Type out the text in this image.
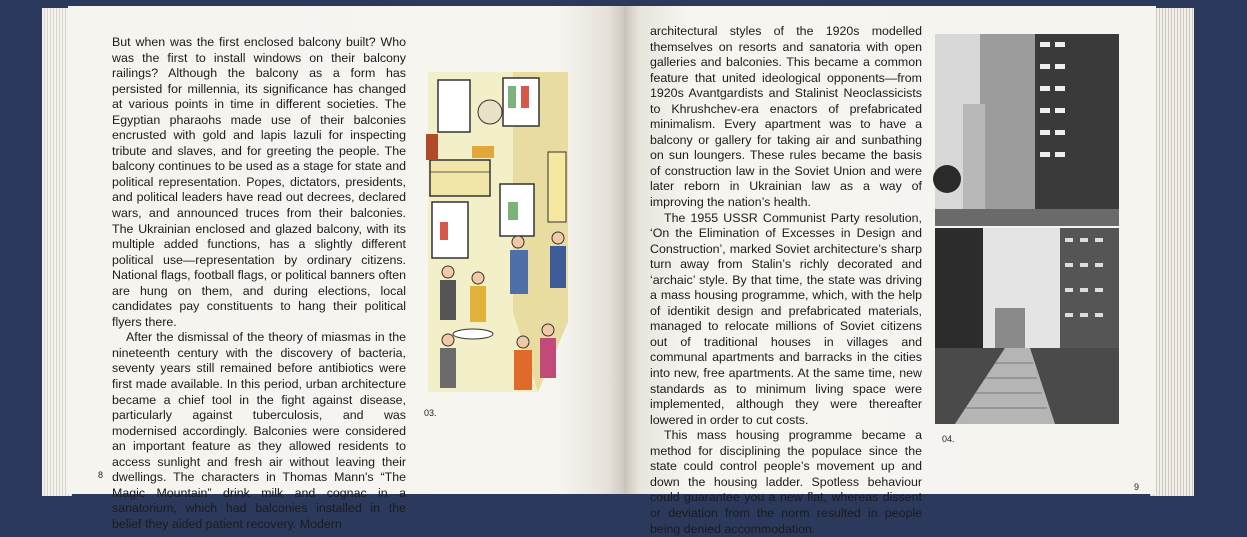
But when was the first enclosed balcony built? Who was the first to install windows on their balcony railings? Although the balcony as a form has persisted for millennia, its significance has changed at various points in time in different societies. The Egyptian pharaohs made use of their balconies encrusted with gold and lapis lazuli for inspecting tribute and slaves, and for greeting the people. The balcony continues to be used as a stage for state and political representation. Popes, dictators, presidents, and political leaders have read out decrees, declared wars, and announced truces from their balconies. The Ukrainian enclosed and glazed balcony, with its multiple added functions, has a slightly different political use—representation by ordinary citizens. National flags, football flags, or political banners often are hung on them, and during elections, local candidates pay constituents to hang their political flyers there.

After the dismissal of the theory of miasmas in the nineteenth century with the discovery of bacteria, seventy years still remained before antibiotics were first made available. In this period, urban architecture became a chief tool in the fight against disease, particularly against tuberculosis, and was modernised accordingly. Balconies were considered an important feature as they allowed residents to access sunlight and fresh air without leaving their dwellings. The characters in Thomas Mann's “The Magic Mountain” drink milk and cognac in a sanatorium, which had balconies installed in the belief they aided patient recovery. Modern

03.
8

architectural styles of the 1920s modelled themselves on resorts and sanatoria with open galleries and balconies. This became a common feature that united ideological opponents—from 1920s Avantgardists and Stalinist Neoclassicists to Khrushchev-era enactors of prefabricated minimalism. Every apartment was to have a balcony or gallery for taking air and sunbathing on sun loungers. These rules became the basis of construction law in the Soviet Union and were later reborn in Ukrainian law as a way of improving the nation’s health.

The 1955 USSR Communist Party resolution, ‘On the Elimination of Excesses in Design and Construction’, marked Soviet architecture’s sharp turn away from Stalin’s richly decorated and ‘archaic’ style. By that time, the state was driving a mass housing programme, which, with the help of identikit design and prefabricated materials, managed to relocate millions of Soviet citizens out of traditional houses in villages and communal apartments and barracks in the cities into new, free apartments. At the same time, new standards as to minimum living space were implemented, although they were thereafter lowered in order to cut costs.

This mass housing programme became a method for disciplining the populace since the state could control people’s movement up and down the housing ladder. Spotless behaviour could guarantee you a new flat, whereas dissent or deviation from the norm resulted in people being denied accommodation.

04.
9
